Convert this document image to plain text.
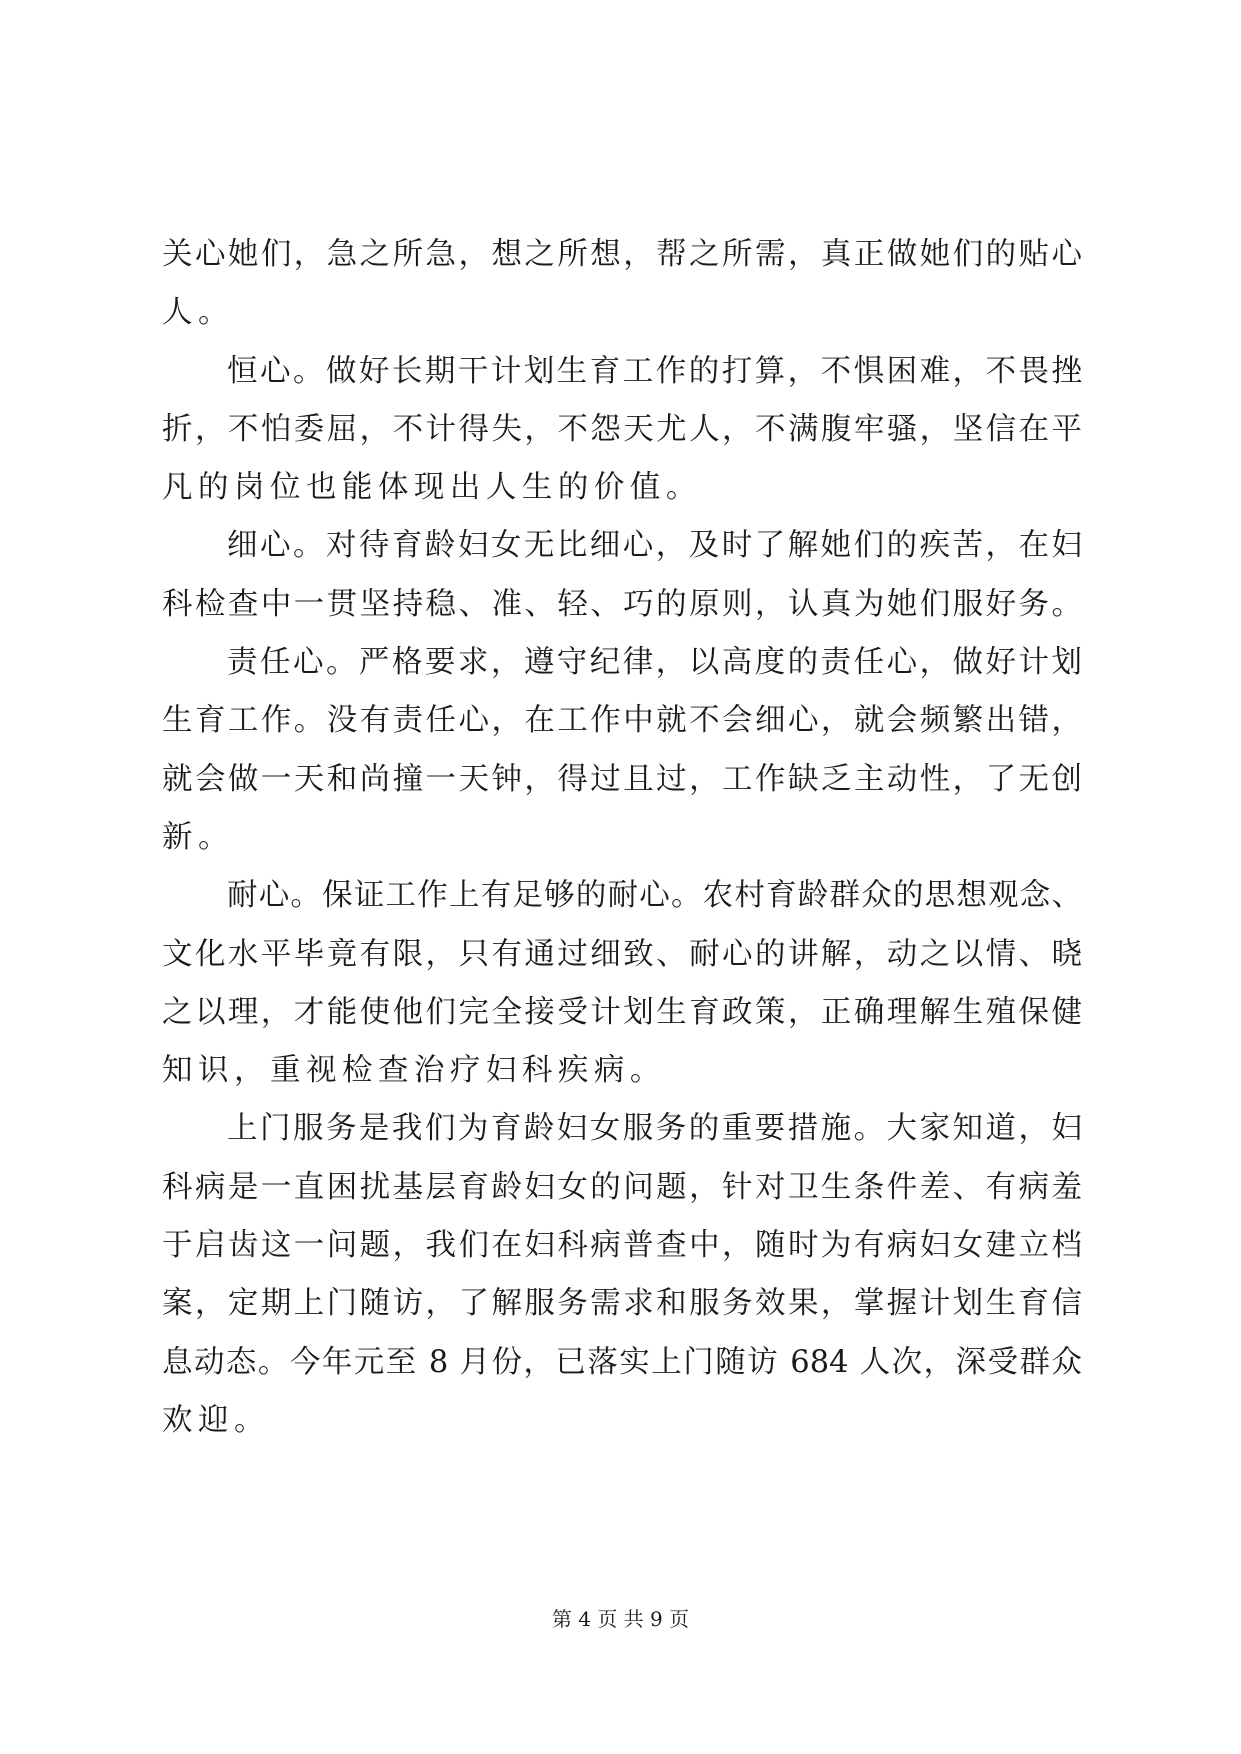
关心她们，急之所急，想之所想，帮之所需，真正做她们的贴心
人。
恒心。做好长期干计划生育工作的打算，不惧困难，不畏挫
折，不怕委屈，不计得失，不怨天尤人，不满腹牢骚，坚信在平
凡的岗位也能体现出人生的价值。
细心。对待育龄妇女无比细心，及时了解她们的疾苦，在妇
科检查中一贯坚持稳、准、轻、巧的原则，认真为她们服好务。
责任心。严格要求，遵守纪律，以高度的责任心，做好计划
生育工作。没有责任心，在工作中就不会细心，就会频繁出错，
就会做一天和尚撞一天钟，得过且过，工作缺乏主动性，了无创
新。
耐心。保证工作上有足够的耐心。农村育龄群众的思想观念、
文化水平毕竟有限，只有通过细致、耐心的讲解，动之以情、晓
之以理，才能使他们完全接受计划生育政策，正确理解生殖保健
知识，重视检查治疗妇科疾病。
上门服务是我们为育龄妇女服务的重要措施。大家知道，妇
科病是一直困扰基层育龄妇女的问题，针对卫生条件差、有病羞
于启齿这一问题，我们在妇科病普查中，随时为有病妇女建立档
案，定期上门随访，了解服务需求和服务效果，掌握计划生育信
息动态。今年元至 8 月份，已落实上门随访 684 人次，深受群众
欢迎。
第 4 页 共 9 页
